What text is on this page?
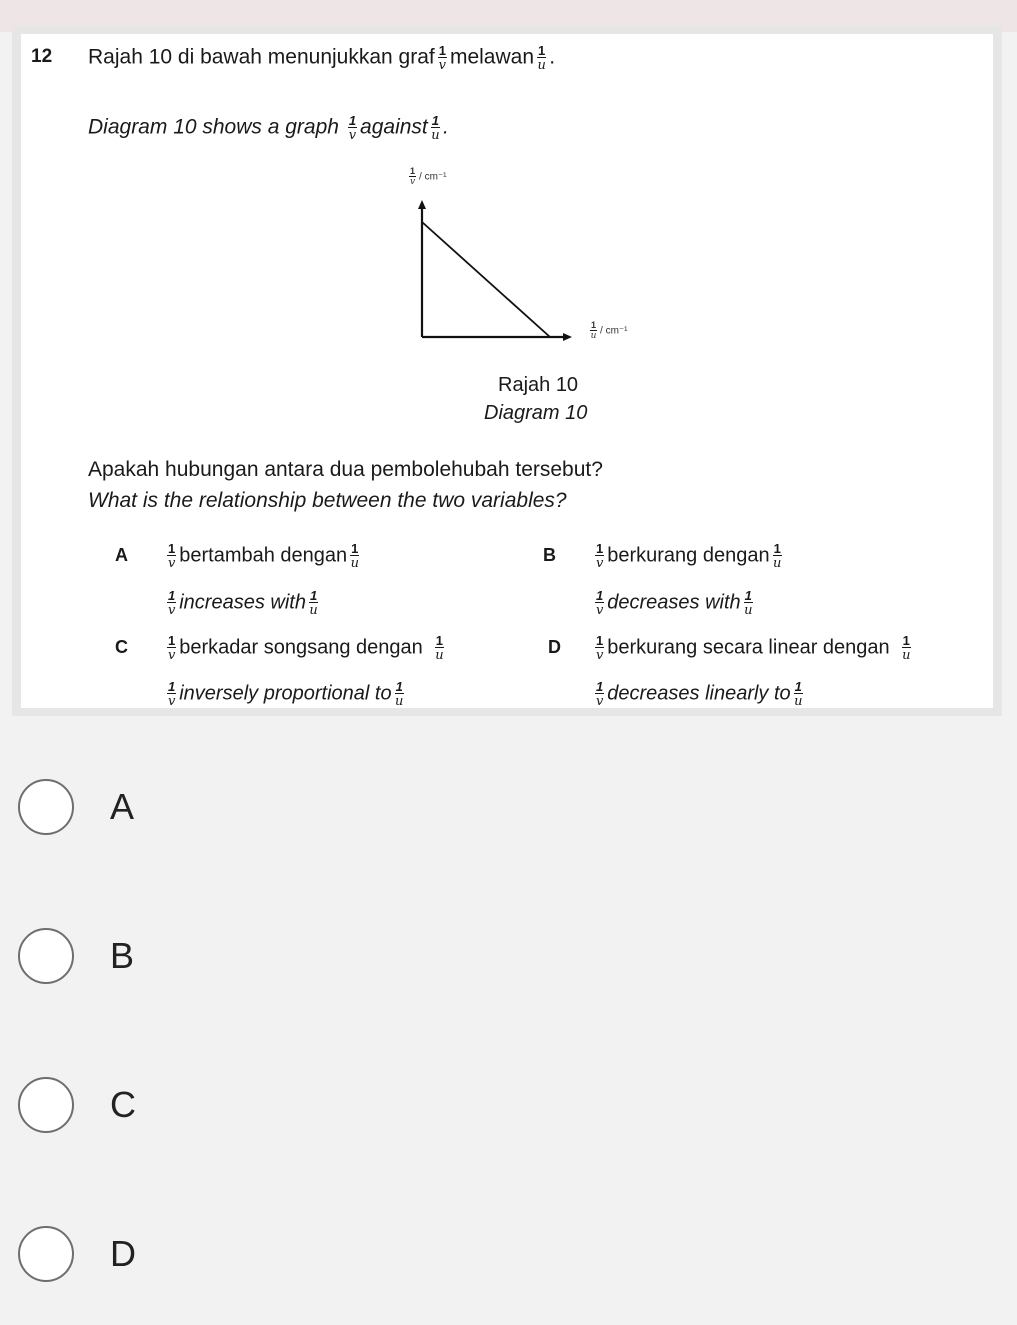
12 Rajah 10 di bawah menunjukkan graf $\frac{1}{v}$ melawan $\frac{1}{u}$ .
Diagram 10 shows a graph $\frac{1}{v}$ against $\frac{1}{u}$ .
$\frac{1}{v} / cm^{-1}$
$\frac{1}{u} / cm^{-1}$
Rajah 10
Diagram 10
Apakah hubungan antara dua pembolehubah tersebut?
What is the relationship between the two variables?
A	$\frac{1}{v}$ bertambah dengan $\frac{1}{u}$
$\frac{1}{v}$ increases with $\frac{1}{u}$
B	$\frac{1}{v}$ berkurang dengan $\frac{1}{u}$
$\frac{1}{v}$ decreases with $\frac{1}{u}$
C	$\frac{1}{v}$ berkadar songsang dengan $\frac{1}{u}$
$\frac{1}{v}$ inversely proportional to $\frac{1}{u}$
D	$\frac{1}{v}$ berkurang secara linear dengan $\frac{1}{u}$
$\frac{1}{v}$ decreases linearly to $\frac{1}{u}$
A
B
C
D
